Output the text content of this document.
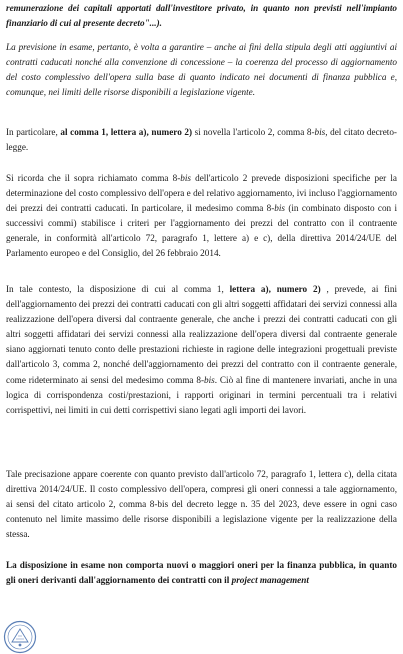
remunerazione dei capitali apportati dall'investitore privato, in quanto non previsti nell'impianto finanziario di cui al presente decreto"...).

La previsione in esame, pertanto, è volta a garantire – anche ai fini della stipula degli atti aggiuntivi ai contratti caducati nonché alla convenzione di concessione – la coerenza del processo di aggiornamento del costo complessivo dell'opera sulla base di quanto indicato nei documenti di finanza pubblica e, comunque, nei limiti delle risorse disponibili a legislazione vigente.

In particolare, al comma 1, lettera a), numero 2) si novella l'articolo 2, comma 8-bis, del citato decreto-legge.

Si ricorda che il sopra richiamato comma 8-bis dell'articolo 2 prevede disposizioni specifiche per la determinazione del costo complessivo dell'opera e del relativo aggiornamento, ivi incluso l'aggiornamento dei prezzi dei contratti caducati. In particolare, il medesimo comma 8-bis (in combinato disposto con i successivi commi) stabilisce i criteri per l'aggiornamento dei prezzi del contratto con il contraente generale, in conformità all'articolo 72, paragrafo 1, lettere a) e c), della direttiva 2014/24/UE del Parlamento europeo e del Consiglio, del 26 febbraio 2014.

In tale contesto, la disposizione di cui al comma 1, lettera a), numero 2) , prevede, ai fini dell'aggiornamento dei prezzi dei contratti caducati con gli altri soggetti affidatari dei servizi connessi alla realizzazione dell'opera diversi dal contraente generale, che anche i prezzi dei contratti caducati con gli altri soggetti affidatari dei servizi connessi alla realizzazione dell'opera diversi dal contraente generale siano aggiornati tenuto conto delle prestazioni richieste in ragione delle integrazioni progettuali previste dall'articolo 3, comma 2, nonché dell'aggiornamento dei prezzi del contratto con il contraente generale, come rideterminato ai sensi del medesimo comma 8-bis. Ciò al fine di mantenere invariati, anche in una logica di corrispondenza costi/prestazioni, i rapporti originari in termini percentuali tra i relativi corrispettivi, nei limiti in cui detti corrispettivi siano legati agli importi dei lavori.

Tale precisazione appare coerente con quanto previsto dall'articolo 72, paragrafo 1, lettera c), della citata direttiva 2014/24/UE. Il costo complessivo dell'opera, compresi gli oneri connessi a tale aggiornamento, ai sensi del citato articolo 2, comma 8-bis del decreto legge n. 35 del 2023, deve essere in ogni caso contenuto nel limite massimo delle risorse disponibili a legislazione vigente per la realizzazione della stessa.

La disposizione in esame non comporta nuovi o maggiori oneri per la finanza pubblica, in quanto gli oneri derivanti dall'aggiornamento dei contratti con il project management
